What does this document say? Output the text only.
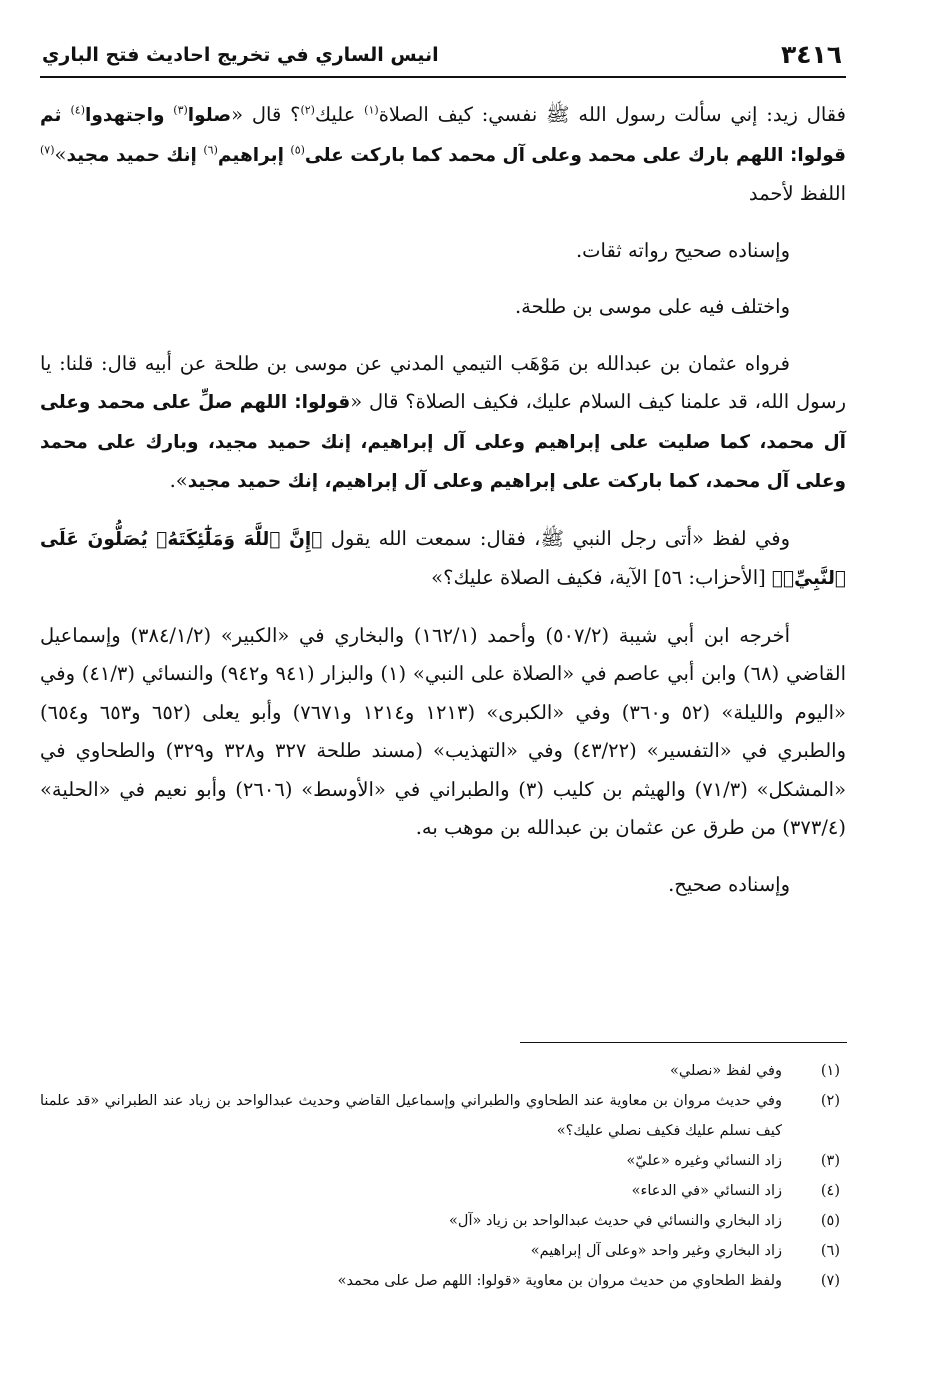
٣٤١٦
انيس الساري في تخريج احاديث فتح الباري

فقال زيد: إني سألت رسول الله ﷺ نفسي: كيف الصلاة$^{(١)}$ عليك$^{(٢)}$؟ قال «صلوا$^{(٣)}$ واجتهدوا$^{(٤)}$ ثم قولوا: اللهم بارك على محمد وعلى آل محمد كما باركت على$^{(٥)}$ إبراهيم$^{(٦)}$ إنك حميد مجيد»$^{(٧)}$ اللفظ لأحمد

وإسناده صحيح رواته ثقات.

واختلف فيه على موسى بن طلحة.

فرواه عثمان بن عبدالله بن مَوْهَب التيمي المدني عن موسى بن طلحة عن أبيه قال: قلنا: يا رسول الله، قد علمنا كيف السلام عليك، فكيف الصلاة؟ قال «قولوا: اللهم صلِّ على محمد وعلى آل محمد، كما صليت على إبراهيم وعلى آل إبراهيم، إنك حميد مجيد، وبارك على محمد وعلى آل محمد، كما باركت على إبراهيم وعلى آل إبراهيم، إنك حميد مجيد».

وفي لفظ «أتى رجل النبي ﷺ، فقال: سمعت الله يقول ﴿إِنَّ ٱللَّهَ وَمَلَٰٓئِكَتَهُۥ يُصَلُّونَ عَلَى ٱلنَّبِيِّۚ﴾ [الأحزاب: ٥٦] الآية، فكيف الصلاة عليك؟»

أخرجه ابن أبي شيبة (٥٠٧/٢) وأحمد (١٦٢/١) والبخاري في «الكبير» (٣٨٤/١/٢) وإسماعيل القاضي (٦٨) وابن أبي عاصم في «الصلاة على النبي» (١) والبزار (٩٤١ و٩٤٢) والنسائي (٤١/٣) وفي «اليوم والليلة» (٥٢ و٣٦٠) وفي «الكبرى» (١٢١٣ و١٢١٤ و٧٦٧١) وأبو يعلى (٦٥٢ و٦٥٣ و٦٥٤) والطبري في «التفسير» (٤٣/٢٢) وفي «التهذيب» (مسند طلحة ٣٢٧ و٣٢٨ و٣٢٩) والطحاوي في «المشكل» (٧١/٣) والهيثم بن كليب (٣) والطبراني في «الأوسط» (٢٦٠٦) وأبو نعيم في «الحلية» (٣٧٣/٤) من طرق عن عثمان بن عبدالله بن موهب به.

وإسناده صحيح.

(١)
وفي لفظ «نصلي»
(٢)
وفي حديث مروان بن معاوية عند الطحاوي والطبراني وإسماعيل القاضي وحديث عبدالواحد بن زياد عند الطبراني «قد علمنا كيف نسلم عليك فكيف نصلي عليك؟»
(٣)
زاد النسائي وغيره «عليّ»
(٤)
زاد النسائي «في الدعاء»
(٥)
زاد البخاري والنسائي في حديث عبدالواحد بن زياد «آل»
(٦)
زاد البخاري وغير واحد «وعلى آل إبراهيم»
(٧)
ولفظ الطحاوي من حديث مروان بن معاوية «قولوا: اللهم صل على محمد»
